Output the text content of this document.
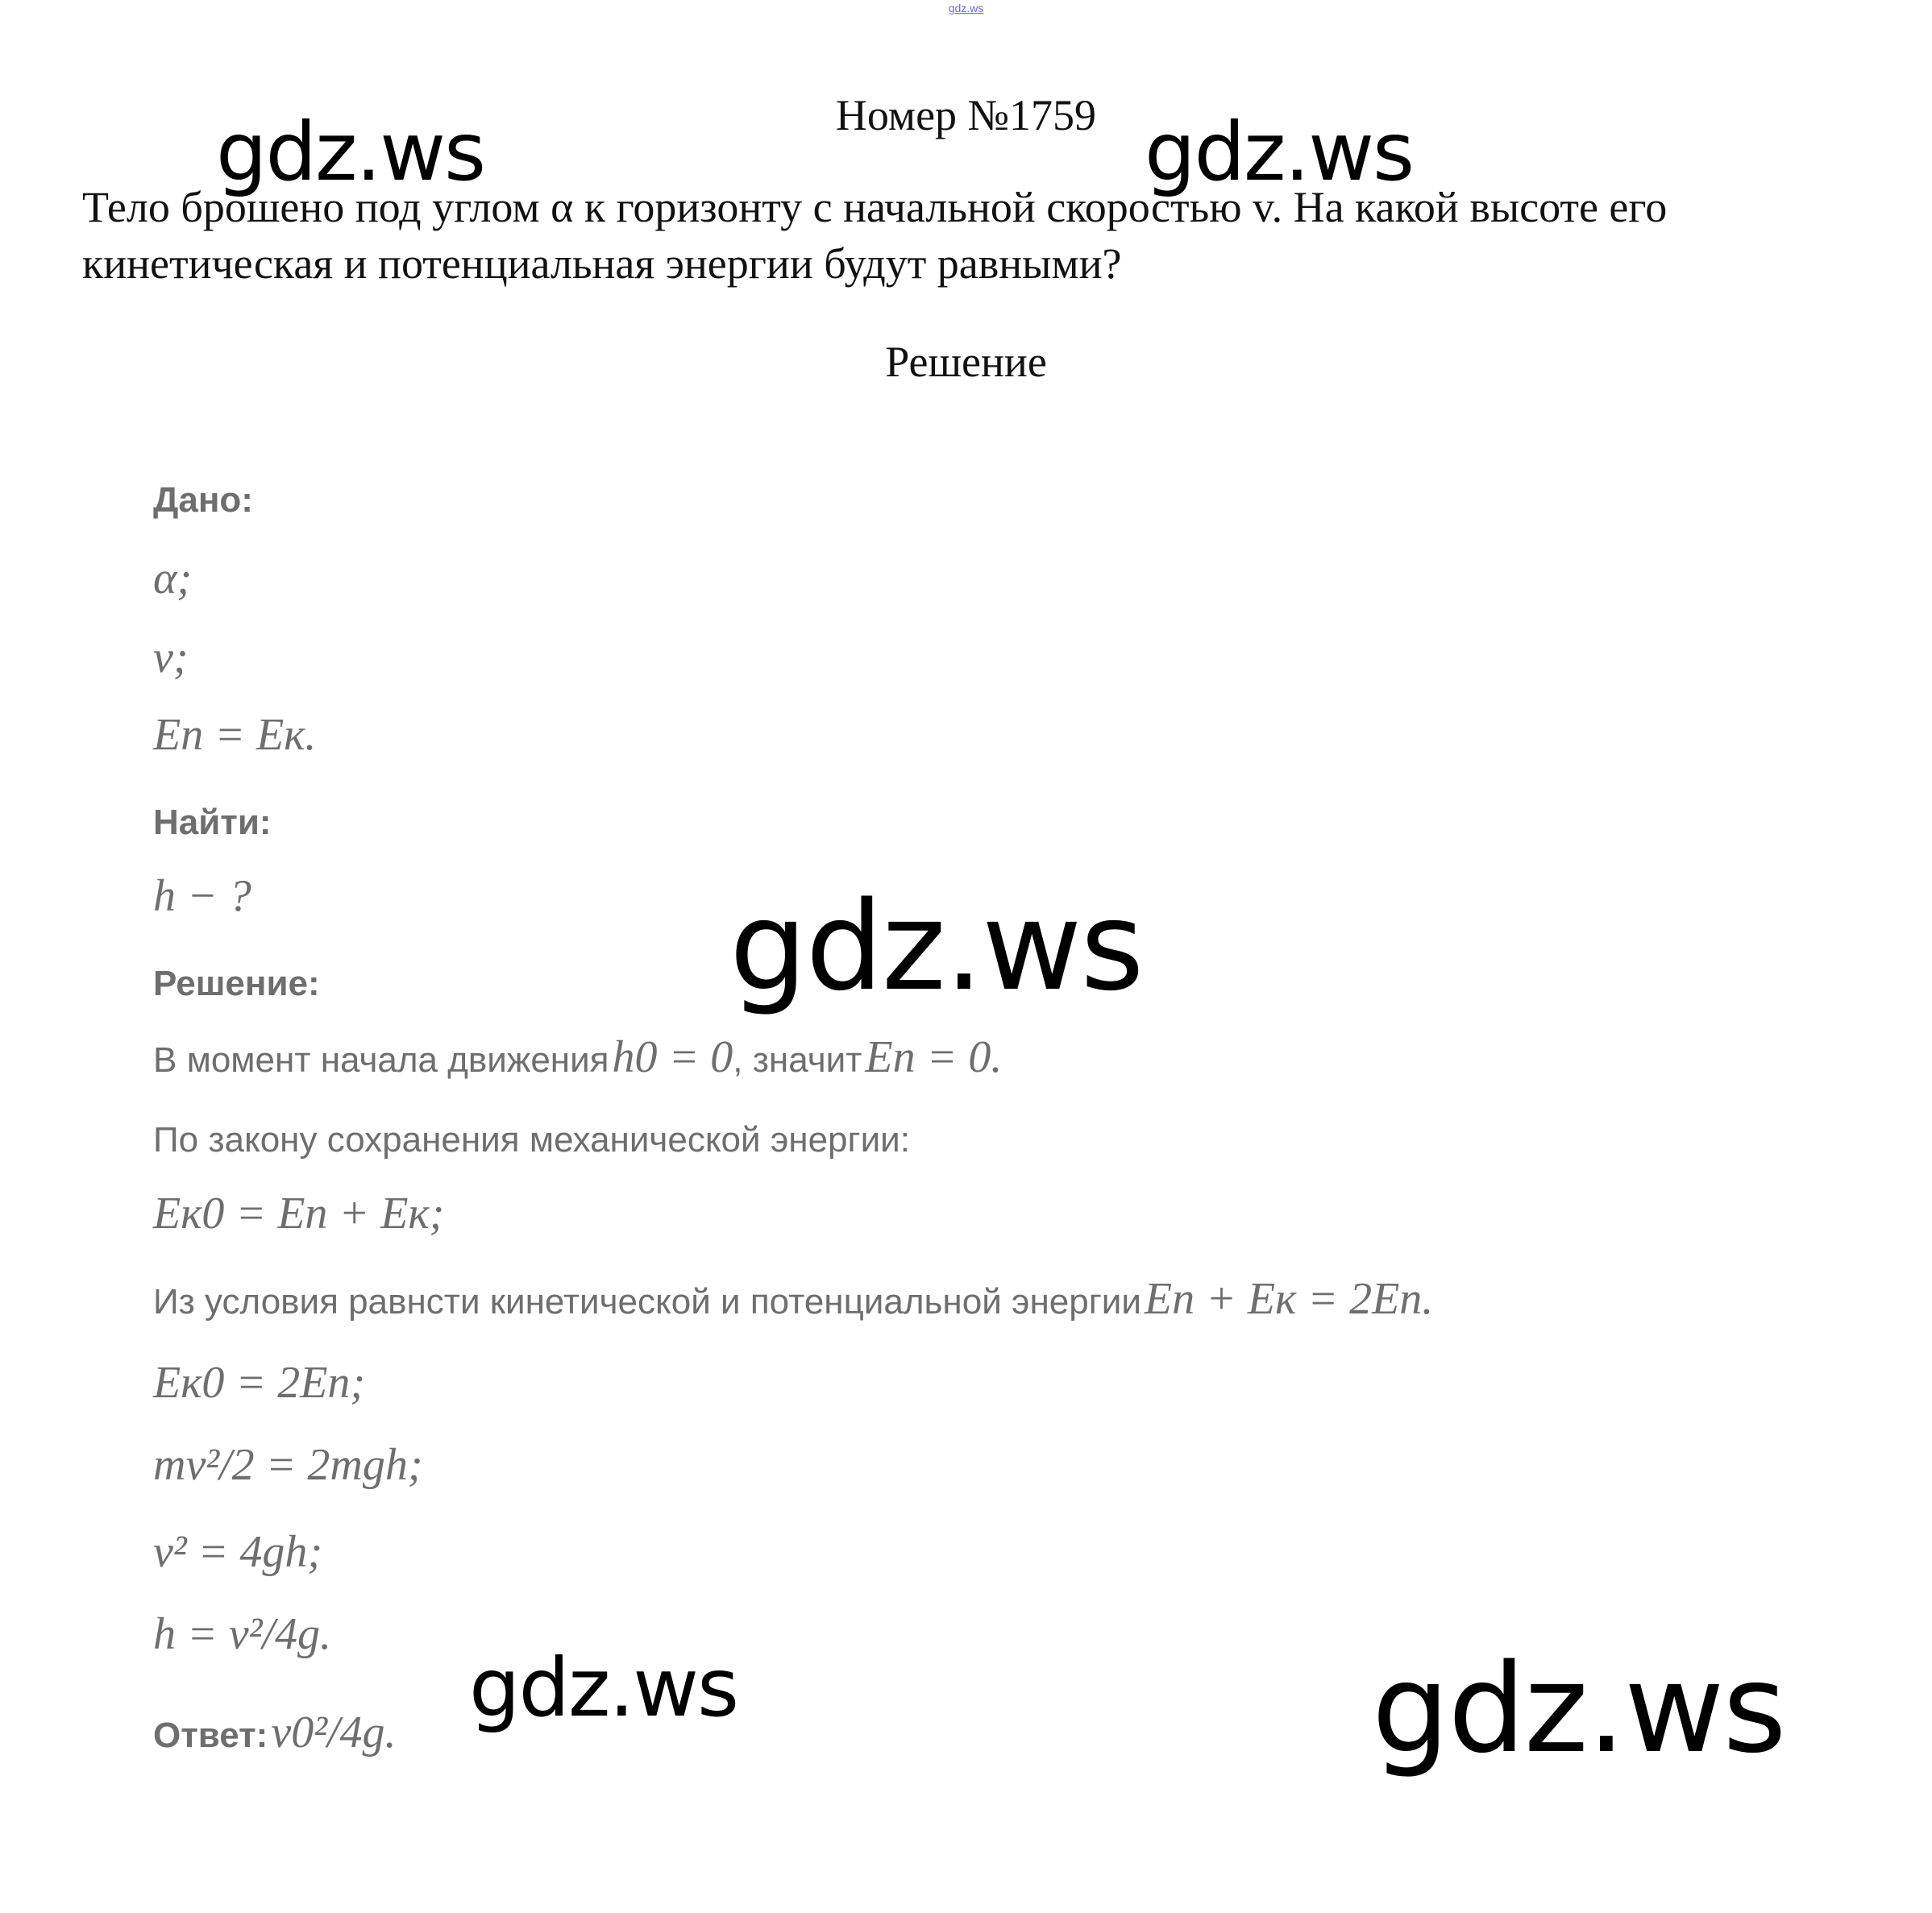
gdz.ws
Номер №1759
Тело брошено под углом α к горизонту с начальной скоростью v. На какой высоте его кинетическая и потенциальная энергии будут равными?
Решение
Дано:
α;
v;
Eп = Eк.
Найти:
h − ?
Решение:
В момент начала движения h0 = 0, значит Eп = 0.
По закону сохранения механической энергии:
Eк0 = Eп + Eк;
Из условия равнсти кинетической и потенциальной энергии Eп + Eк = 2Eп.
Eк0 = 2Eп;
mv²/2 = 2mgh;
v² = 4gh;
h = v²/4g.
Ответ: v0²/4g.
gdz.ws	gdz.ws
gdz.ws
gdz.ws	gdz.ws
